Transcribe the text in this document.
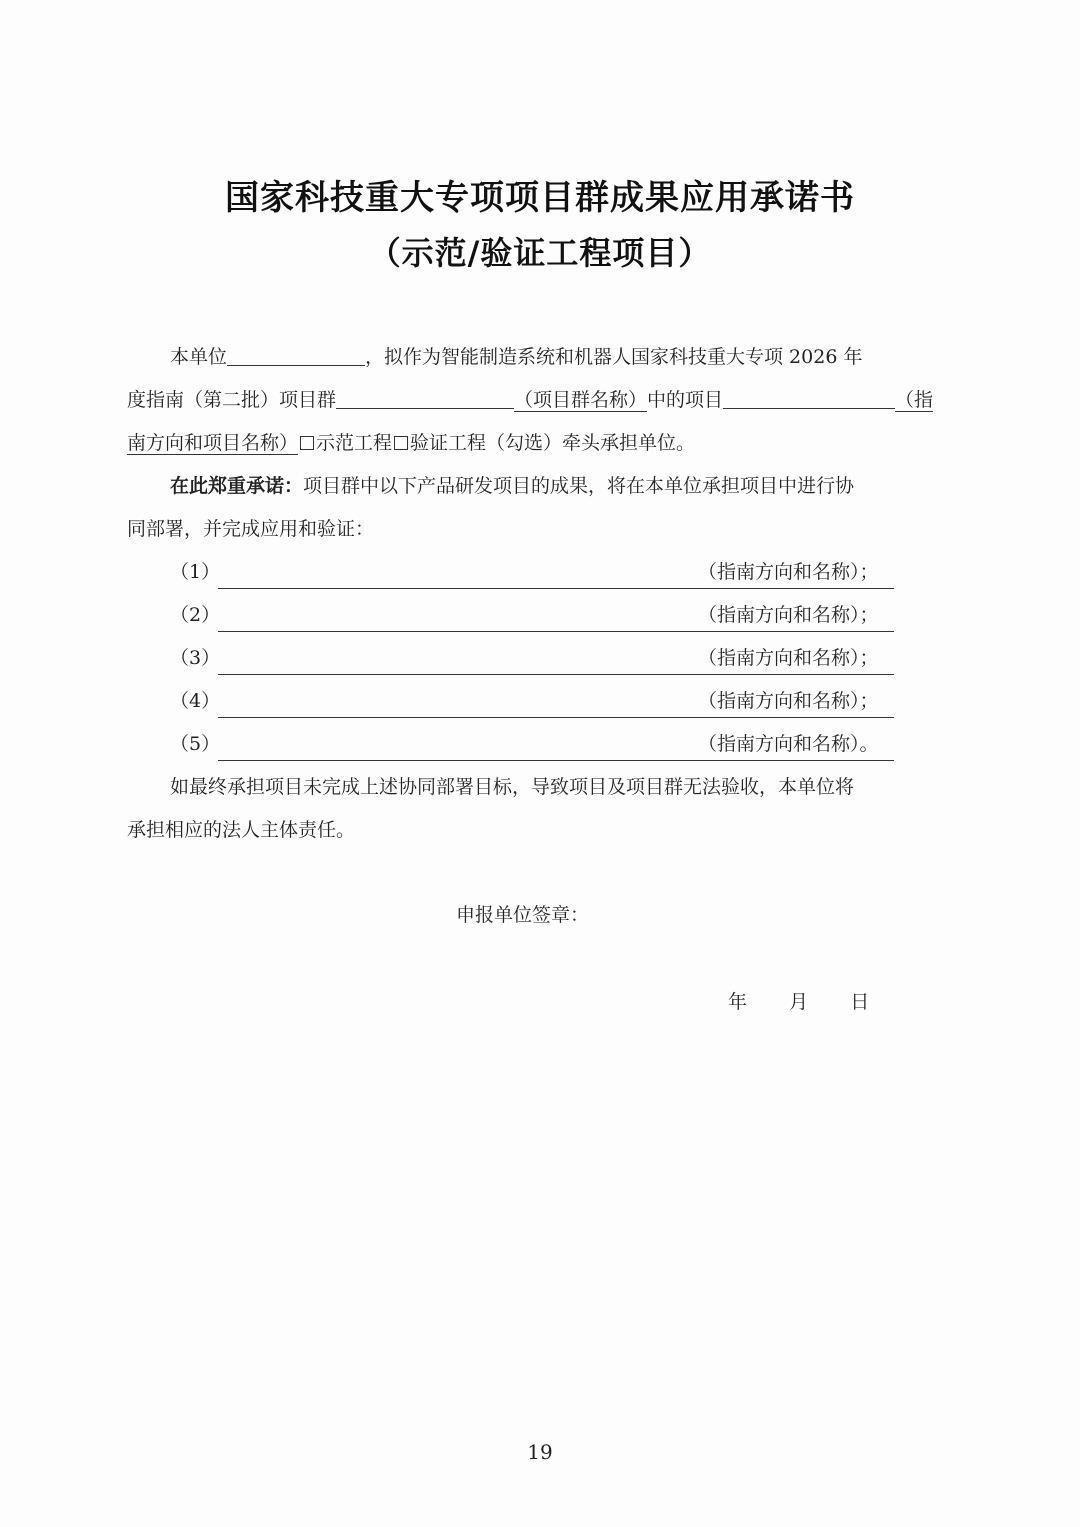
国家科技重大专项项目群成果应用承诺书
（示范/验证工程项目）
本单位	，拟作为智能制造系统和机器人国家科技重大专项 2026 年
度指南（第二批）项目群	（项目群名称）中的项目	（指
南方向和项目名称） 示范工程 验证工程（勾选）牵头承担单位。
在此郑重承诺：项目群中以下产品研发项目的成果，将在本单位承担项目中进行协
同部署，并完成应用和验证：
（1）	（指南方向和名称）；
（2）	（指南方向和名称）；
（3）	（指南方向和名称）；
（4）	（指南方向和名称）；
（5）	（指南方向和名称）。
如最终承担项目未完成上述协同部署目标，导致项目及项目群无法验收，本单位将
承担相应的法人主体责任。
申报单位签章：
年 月 日
19
